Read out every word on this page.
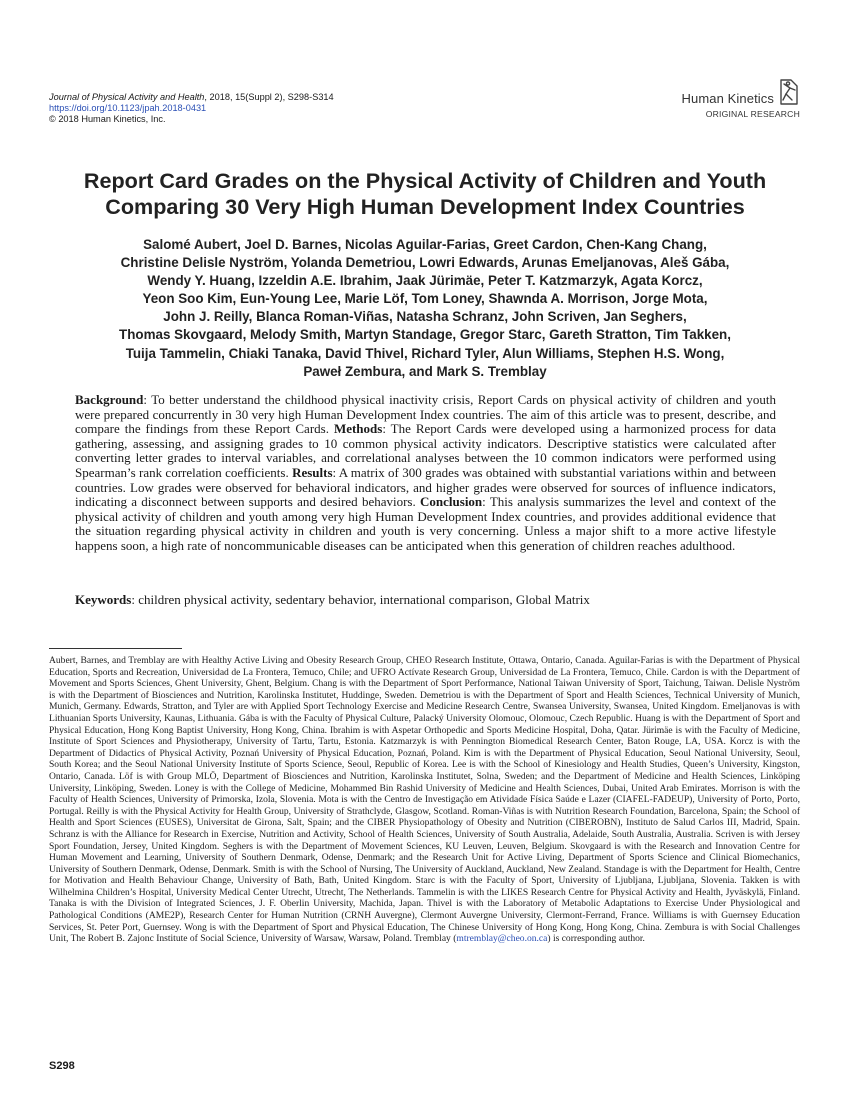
Journal of Physical Activity and Health, 2018, 15(Suppl 2), S298-S314
https://doi.org/10.1123/jpah.2018-0431
© 2018 Human Kinetics, Inc.
Human Kinetics
ORIGINAL RESEARCH
Report Card Grades on the Physical Activity of Children and Youth
Comparing 30 Very High Human Development Index Countries
Salomé Aubert, Joel D. Barnes, Nicolas Aguilar-Farias, Greet Cardon, Chen-Kang Chang,
Christine Delisle Nyström, Yolanda Demetriou, Lowri Edwards, Arunas Emeljanovas, Aleš Gába,
Wendy Y. Huang, Izzeldin A.E. Ibrahim, Jaak Jürimäe, Peter T. Katzmarzyk, Agata Korcz,
Yeon Soo Kim, Eun-Young Lee, Marie Löf, Tom Loney, Shawnda A. Morrison, Jorge Mota,
John J. Reilly, Blanca Roman-Viñas, Natasha Schranz, John Scriven, Jan Seghers,
Thomas Skovgaard, Melody Smith, Martyn Standage, Gregor Starc, Gareth Stratton, Tim Takken,
Tuija Tammelin, Chiaki Tanaka, David Thivel, Richard Tyler, Alun Williams, Stephen H.S. Wong,
Paweł Zembura, and Mark S. Tremblay
Background: To better understand the childhood physical inactivity crisis, Report Cards on physical activity of children and youth were prepared concurrently in 30 very high Human Development Index countries. The aim of this article was to present, describe, and compare the findings from these Report Cards. Methods: The Report Cards were developed using a harmonized process for data gathering, assessing, and assigning grades to 10 common physical activity indicators. Descriptive statistics were calculated after converting letter grades to interval variables, and correlational analyses between the 10 common indicators were performed using Spearman’s rank correlation coefficients. Results: A matrix of 300 grades was obtained with substantial variations within and between countries. Low grades were observed for behavioral indicators, and higher grades were observed for sources of influence indicators, indicating a disconnect between supports and desired behaviors. Conclusion: This analysis summarizes the level and context of the physical activity of children and youth among very high Human Development Index countries, and provides additional evidence that the situation regarding physical activity in children and youth is very concerning. Unless a major shift to a more active lifestyle happens soon, a high rate of noncommunicable diseases can be anticipated when this generation of children reaches adulthood.
Keywords: children physical activity, sedentary behavior, international comparison, Global Matrix
Aubert, Barnes, and Tremblay are with Healthy Active Living and Obesity Research Group, CHEO Research Institute, Ottawa, Ontario, Canada. Aguilar-Farias is with the Department of Physical Education, Sports and Recreation, Universidad de La Frontera, Temuco, Chile; and UFRO Actívate Research Group, Universidad de La Frontera, Temuco, Chile. Cardon is with the Department of Movement and Sports Sciences, Ghent University, Ghent, Belgium. Chang is with the Department of Sport Performance, National Taiwan University of Sport, Taichung, Taiwan. Delisle Nyström is with the Department of Biosciences and Nutrition, Karolinska Institutet, Huddinge, Sweden. Demetriou is with the Department of Sport and Health Sciences, Technical University of Munich, Munich, Germany. Edwards, Stratton, and Tyler are with Applied Sport Technology Exercise and Medicine Research Centre, Swansea University, Swansea, United Kingdom. Emeljanovas is with Lithuanian Sports University, Kaunas, Lithuania. Gába is with the Faculty of Physical Culture, Palacký University Olomouc, Olomouc, Czech Republic. Huang is with the Department of Sport and Physical Education, Hong Kong Baptist University, Hong Kong, China. Ibrahim is with Aspetar Orthopedic and Sports Medicine Hospital, Doha, Qatar. Jürimäe is with the Faculty of Medicine, Institute of Sport Sciences and Physiotherapy, University of Tartu, Tartu, Estonia. Katzmarzyk is with Pennington Biomedical Research Center, Baton Rouge, LA, USA. Korcz is with the Department of Didactics of Physical Activity, Poznań University of Physical Education, Poznań, Poland. Kim is with the Department of Physical Education, Seoul National University, Seoul, South Korea; and the Seoul National University Institute of Sports Science, Seoul, Republic of Korea. Lee is with the School of Kinesiology and Health Studies, Queen’s University, Kingston, Ontario, Canada. Löf is with Group MLÖ, Department of Biosciences and Nutrition, Karolinska Institutet, Solna, Sweden; and the Department of Medicine and Health Sciences, Linköping University, Linköping, Sweden. Loney is with the College of Medicine, Mohammed Bin Rashid University of Medicine and Health Sciences, Dubai, United Arab Emirates. Morrison is with the Faculty of Health Sciences, University of Primorska, Izola, Slovenia. Mota is with the Centro de Investigação em Atividade Física Saúde e Lazer (CIAFEL-FADEUP), University of Porto, Porto, Portugal. Reilly is with the Physical Activity for Health Group, University of Strathclyde, Glasgow, Scotland. Roman-Viñas is with Nutrition Research Foundation, Barcelona, Spain; the School of Health and Sport Sciences (EUSES), Universitat de Girona, Salt, Spain; and the CIBER Physiopathology of Obesity and Nutrition (CIBEROBN), Instituto de Salud Carlos III, Madrid, Spain. Schranz is with the Alliance for Research in Exercise, Nutrition and Activity, School of Health Sciences, University of South Australia, Adelaide, South Australia, Australia. Scriven is with Jersey Sport Foundation, Jersey, United Kingdom. Seghers is with the Department of Movement Sciences, KU Leuven, Leuven, Belgium. Skovgaard is with the Research and Innovation Centre for Human Movement and Learning, University of Southern Denmark, Odense, Denmark; and the Research Unit for Active Living, Department of Sports Science and Clinical Biomechanics, University of Southern Denmark, Odense, Denmark. Smith is with the School of Nursing, The University of Auckland, Auckland, New Zealand. Standage is with the Department for Health, Centre for Motivation and Health Behaviour Change, University of Bath, Bath, United Kingdom. Starc is with the Faculty of Sport, University of Ljubljana, Ljubljana, Slovenia. Takken is with Wilhelmina Children’s Hospital, University Medical Center Utrecht, Utrecht, The Netherlands. Tammelin is with the LIKES Research Centre for Physical Activity and Health, Jyväskylä, Finland. Tanaka is with the Division of Integrated Sciences, J. F. Oberlin University, Machida, Japan. Thivel is with the Laboratory of Metabolic Adaptations to Exercise Under Physiological and Pathological Conditions (AME2P), Research Center for Human Nutrition (CRNH Auvergne), Clermont Auvergne University, Clermont-Ferrand, France. Williams is with Guernsey Education Services, St. Peter Port, Guernsey. Wong is with the Department of Sport and Physical Education, The Chinese University of Hong Kong, Hong Kong, China. Zembura is with Social Challenges Unit, The Robert B. Zajonc Institute of Social Science, University of Warsaw, Warsaw, Poland. Tremblay (mtremblay@cheo.on.ca) is corresponding author.
S298
